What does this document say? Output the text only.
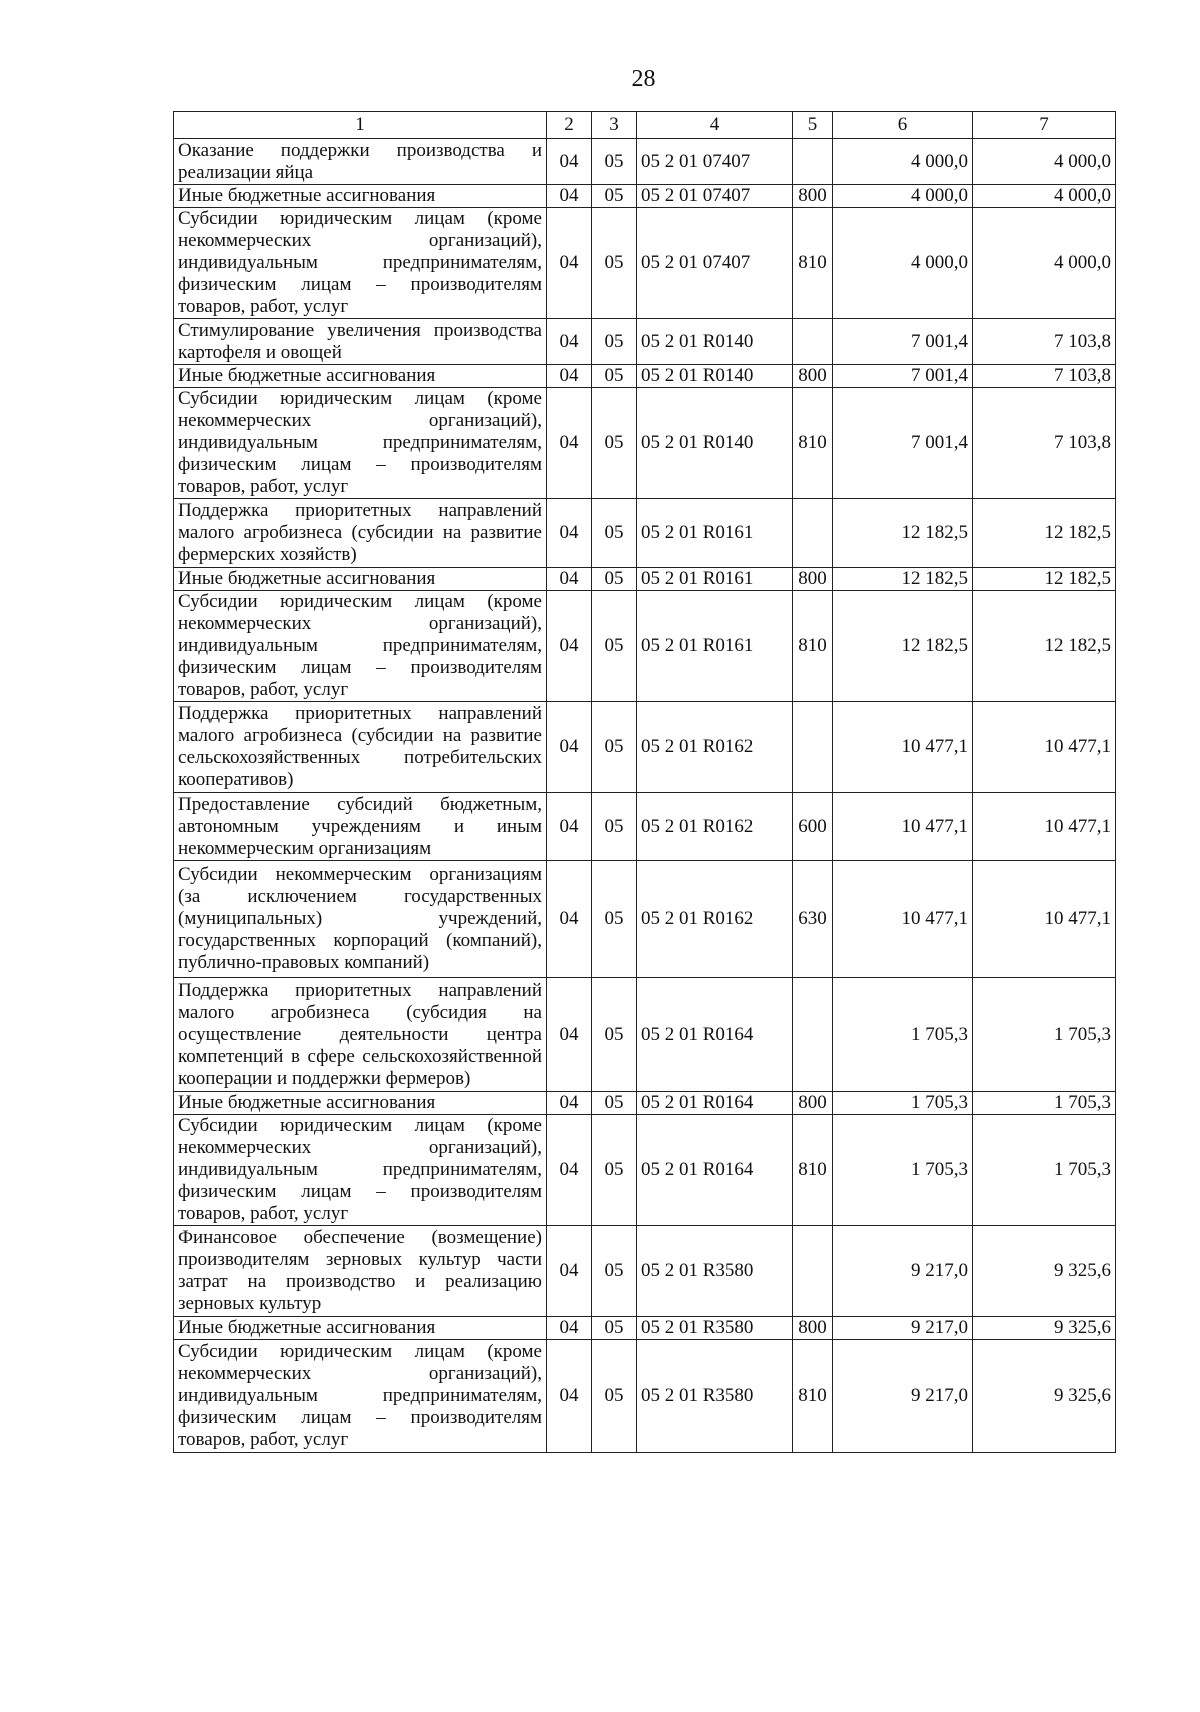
28
1	2	3	4	5	6	7
Оказание поддержки производства и реализации яйца	04	05	05 2 01 07407		4 000,0	4 000,0
Иные бюджетные ассигнования	04	05	05 2 01 07407	800	4 000,0	4 000,0
Субсидии юридическим лицам (кроме некоммерческих организаций), индивидуальным предпринимателям, физическим лицам – производителям товаров, работ, услуг	04	05	05 2 01 07407	810	4 000,0	4 000,0
Стимулирование увеличения производства картофеля и овощей	04	05	05 2 01 R0140		7 001,4	7 103,8
Иные бюджетные ассигнования	04	05	05 2 01 R0140	800	7 001,4	7 103,8
Субсидии юридическим лицам (кроме некоммерческих организаций), индивидуальным предпринимателям, физическим лицам – производителям товаров, работ, услуг	04	05	05 2 01 R0140	810	7 001,4	7 103,8
Поддержка приоритетных направлений малого агробизнеса (субсидии на развитие фермерских хозяйств)	04	05	05 2 01 R0161		12 182,5	12 182,5
Иные бюджетные ассигнования	04	05	05 2 01 R0161	800	12 182,5	12 182,5
Субсидии юридическим лицам (кроме некоммерческих организаций), индивидуальным предпринимателям, физическим лицам – производителям товаров, работ, услуг	04	05	05 2 01 R0161	810	12 182,5	12 182,5
Поддержка приоритетных направлений малого агробизнеса (субсидии на развитие сельскохозяйственных потребительских кооперативов)	04	05	05 2 01 R0162		10 477,1	10 477,1
Предоставление субсидий бюджетным, автономным учреждениям и иным некоммерческим организациям	04	05	05 2 01 R0162	600	10 477,1	10 477,1
Субсидии некоммерческим организациям (за исключением государственных (муниципальных) учреждений, государственных корпораций (компаний), публично-правовых компаний)	04	05	05 2 01 R0162	630	10 477,1	10 477,1
Поддержка приоритетных направлений малого агробизнеса (субсидия на осуществление деятельности центра компетенций в сфере сельскохозяйственной кооперации и поддержки фермеров)	04	05	05 2 01 R0164		1 705,3	1 705,3
Иные бюджетные ассигнования	04	05	05 2 01 R0164	800	1 705,3	1 705,3
Субсидии юридическим лицам (кроме некоммерческих организаций), индивидуальным предпринимателям, физическим лицам – производителям товаров, работ, услуг	04	05	05 2 01 R0164	810	1 705,3	1 705,3
Финансовое обеспечение (возмещение) производителям зерновых культур части затрат на производство и реализацию зерновых культур	04	05	05 2 01 R3580		9 217,0	9 325,6
Иные бюджетные ассигнования	04	05	05 2 01 R3580	800	9 217,0	9 325,6
Субсидии юридическим лицам (кроме некоммерческих организаций), индивидуальным предпринимателям, физическим лицам – производителям товаров, работ, услуг	04	05	05 2 01 R3580	810	9 217,0	9 325,6
